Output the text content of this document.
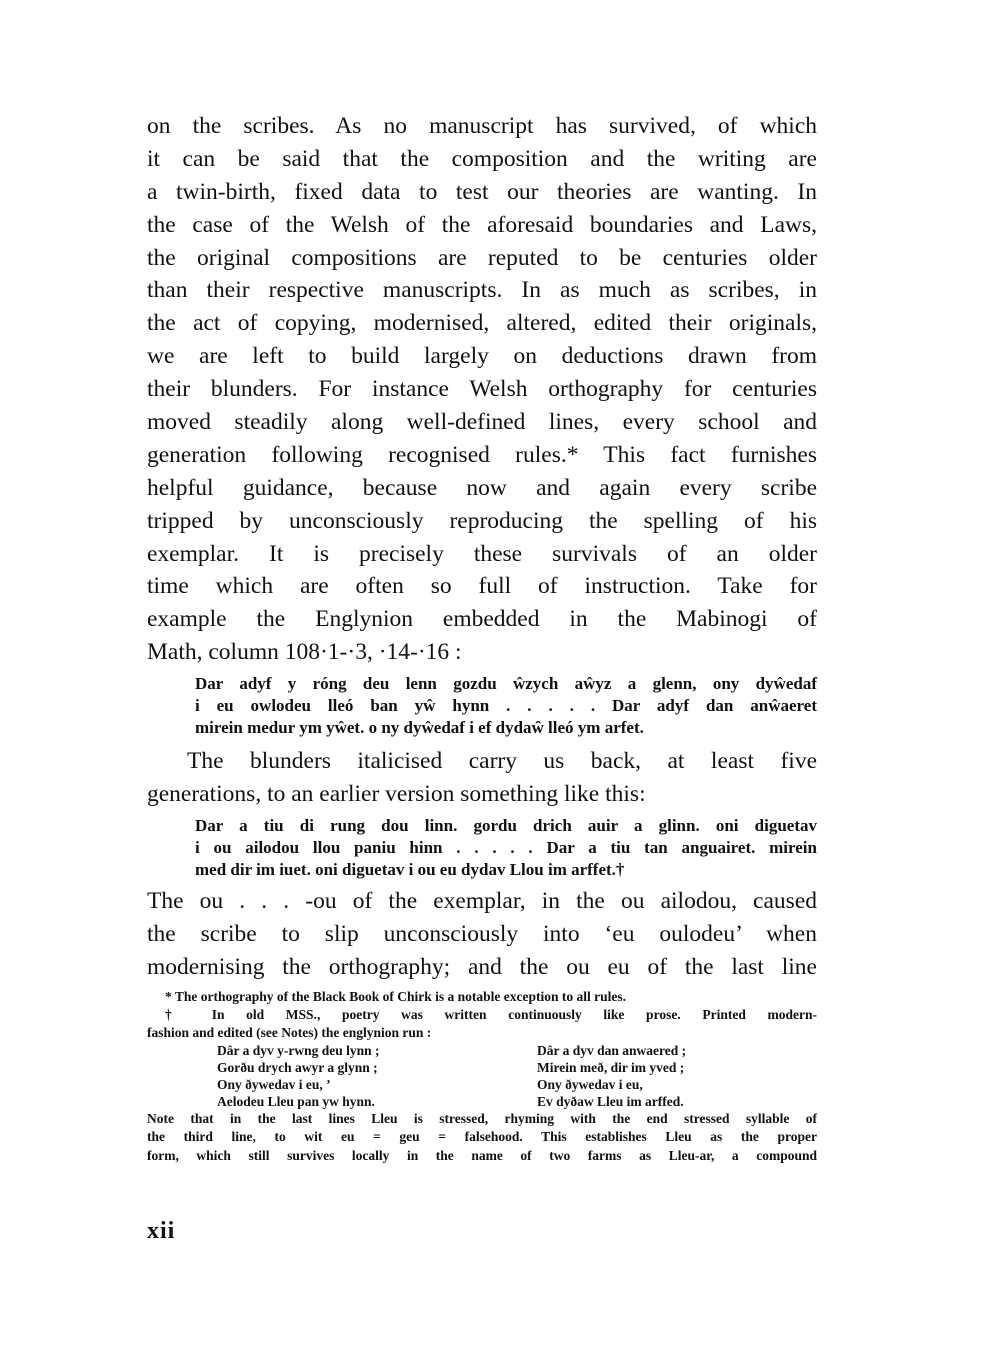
on the scribes. As no manuscript has survived, of which
it can be said that the composition and the writing are
a twin-birth, fixed data to test our theories are wanting. In
the case of the Welsh of the aforesaid boundaries and Laws,
the original compositions are reputed to be centuries older
than their respective manuscripts. In as much as scribes, in
the act of copying, modernised, altered, edited their originals,
we are left to build largely on deductions drawn from
their blunders. For instance Welsh orthography for centuries
moved steadily along well-defined lines, every school and
generation following recognised rules.* This fact furnishes
helpful guidance, because now and again every scribe
tripped by unconsciously reproducing the spelling of his
exemplar. It is precisely these survivals of an older
time which are often so full of instruction. Take for
example the Englynion embedded in the Mabinogi of
Math, column 108·1-·3, ·14-·16 :
Dar adyf y róng deu lenn gozdu ŵzych aŵyz a glenn, ony dyŵedaf
i eu owlodeu lleó ban yŵ hynn . . . . . Dar adyf dan anŵaeret
mirein medur ym yŵet. o ny dyŵedaf i ef dydaŵ lleó ym arfet.
The blunders italicised carry us back, at least five
generations, to an earlier version something like this:
Dar a tiu di rung dou linn. gordu drich auir a glinn. oni diguetav
i ou ailodou llou paniu hinn . . . . . Dar a tiu tan anguairet. mirein
med dir im iuet. oni diguetav i ou eu dydav Llou im arffet.†
The ou . . . -ou of the exemplar, in the ou ailodou, caused
the scribe to slip unconsciously into ‘eu oulodeu’ when
modernising the orthography; and the ou eu of the last line
* The orthography of the Black Book of Chirk is a notable exception to all rules.
† In old MSS., poetry was written continuously like prose. Printed modern-
fashion and edited (see Notes) the englynion run :
Dâr a dyv y-rwng deu lynn ;	Dâr a dyv dan anwaered ;
Gorðu drych awyr a glynn ;	Mirein með, dir im yved ;
Ony ðywedav i eu, ’	Ony ðywedav i eu,
Aelodeu Lleu pan yw hynn.	Ev dyðaw Lleu im arffed.
Note that in the last lines Lleu is stressed, rhyming with the end stressed syllable of
the third line, to wit eu = geu = falsehood. This establishes Lleu as the proper
form, which still survives locally in the name of two farms as Lleu-ar, a compound
xii
